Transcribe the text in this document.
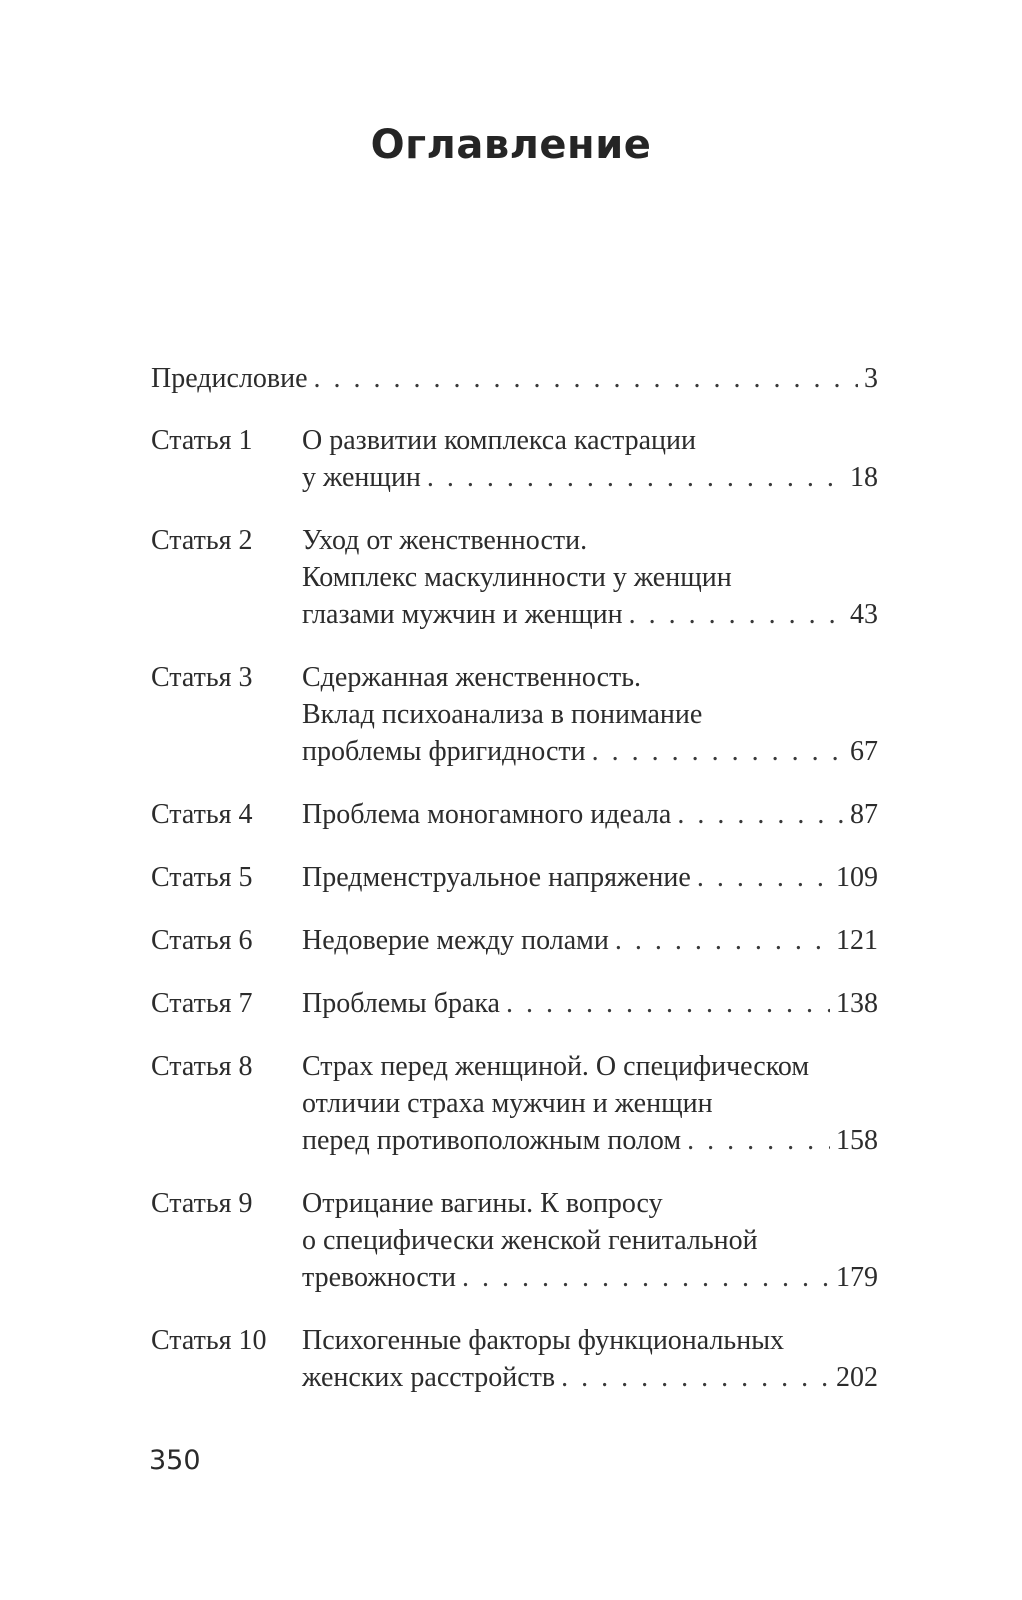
Оглавление
Предисловие . . .	3
Статья 1	О развитии комплекса кастрации
у женщин . . .	18
Статья 2	Уход от женственности.
Комплекс маскулинности у женщин
глазами мужчин и женщин . . .	43
Статья 3	Сдержанная женственность.
Вклад психоанализа в понимание
проблемы фригидности . . .	67
Статья 4	Проблема моногамного идеала . . .	87
Статья 5	Предменструальное напряжение . . .	109
Статья 6	Недоверие между полами . . .	121
Статья 7	Проблемы брака . . .	138
Статья 8	Страх перед женщиной. О специфическом
отличии страха мужчин и женщин
перед противоположным полом . . .	158
Статья 9	Отрицание вагины. К вопросу
о специфически женской генитальной
тревожности . . .	179
Статья 10	Психогенные факторы функциональных
женских расстройств . . .	202
350
